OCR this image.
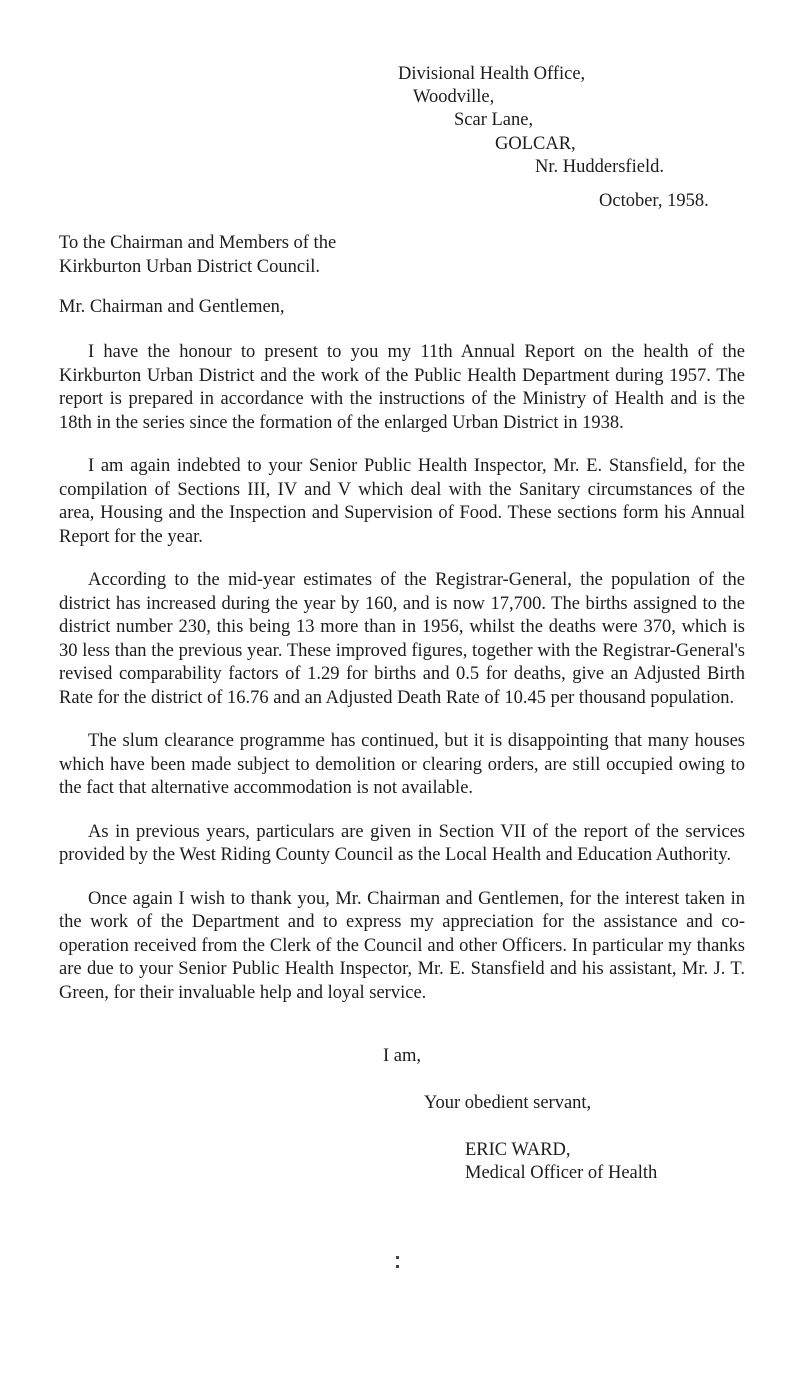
Divisional Health Office,
Woodville,
Scar Lane,
GOLCAR,
Nr. Huddersfield.
October, 1958.
To the Chairman and Members of the
Kirkburton Urban District Council.
Mr. Chairman and Gentlemen,

I have the honour to present to you my 11th Annual Report on the health of the Kirkburton Urban District and the work of the Public Health Department during 1957. The report is prepared in accordance with the instructions of the Ministry of Health and is the 18th in the series since the formation of the enlarged Urban District in 1938.

I am again indebted to your Senior Public Health Inspector, Mr. E. Stansfield, for the compilation of Sections III, IV and V which deal with the Sanitary circumstances of the area, Housing and the Inspection and Supervision of Food. These sections form his Annual Report for the year.

According to the mid-year estimates of the Registrar-General, the population of the district has increased during the year by 160, and is now 17,700. The births assigned to the district number 230, this being 13 more than in 1956, whilst the deaths were 370, which is 30 less than the previous year. These improved figures, together with the Registrar-General's revised comparability factors of 1.29 for births and 0.5 for deaths, give an Adjusted Birth Rate for the district of 16.76 and an Adjusted Death Rate of 10.45 per thousand population.

The slum clearance programme has continued, but it is disappointing that many houses which have been made subject to demolition or clearing orders, are still occupied owing to the fact that alternative accommodation is not available.

As in previous years, particulars are given in Section VII of the report of the services provided by the West Riding County Council as the Local Health and Education Authority.

Once again I wish to thank you, Mr. Chairman and Gentlemen, for the interest taken in the work of the Department and to express my appreciation for the assistance and co-operation received from the Clerk of the Council and other Officers. In particular my thanks are due to your Senior Public Health Inspector, Mr. E. Stansfield and his assistant, Mr. J. T. Green, for their invaluable help and loyal service.

I am,
Your obedient servant,
ERIC WARD,
Medical Officer of Health
